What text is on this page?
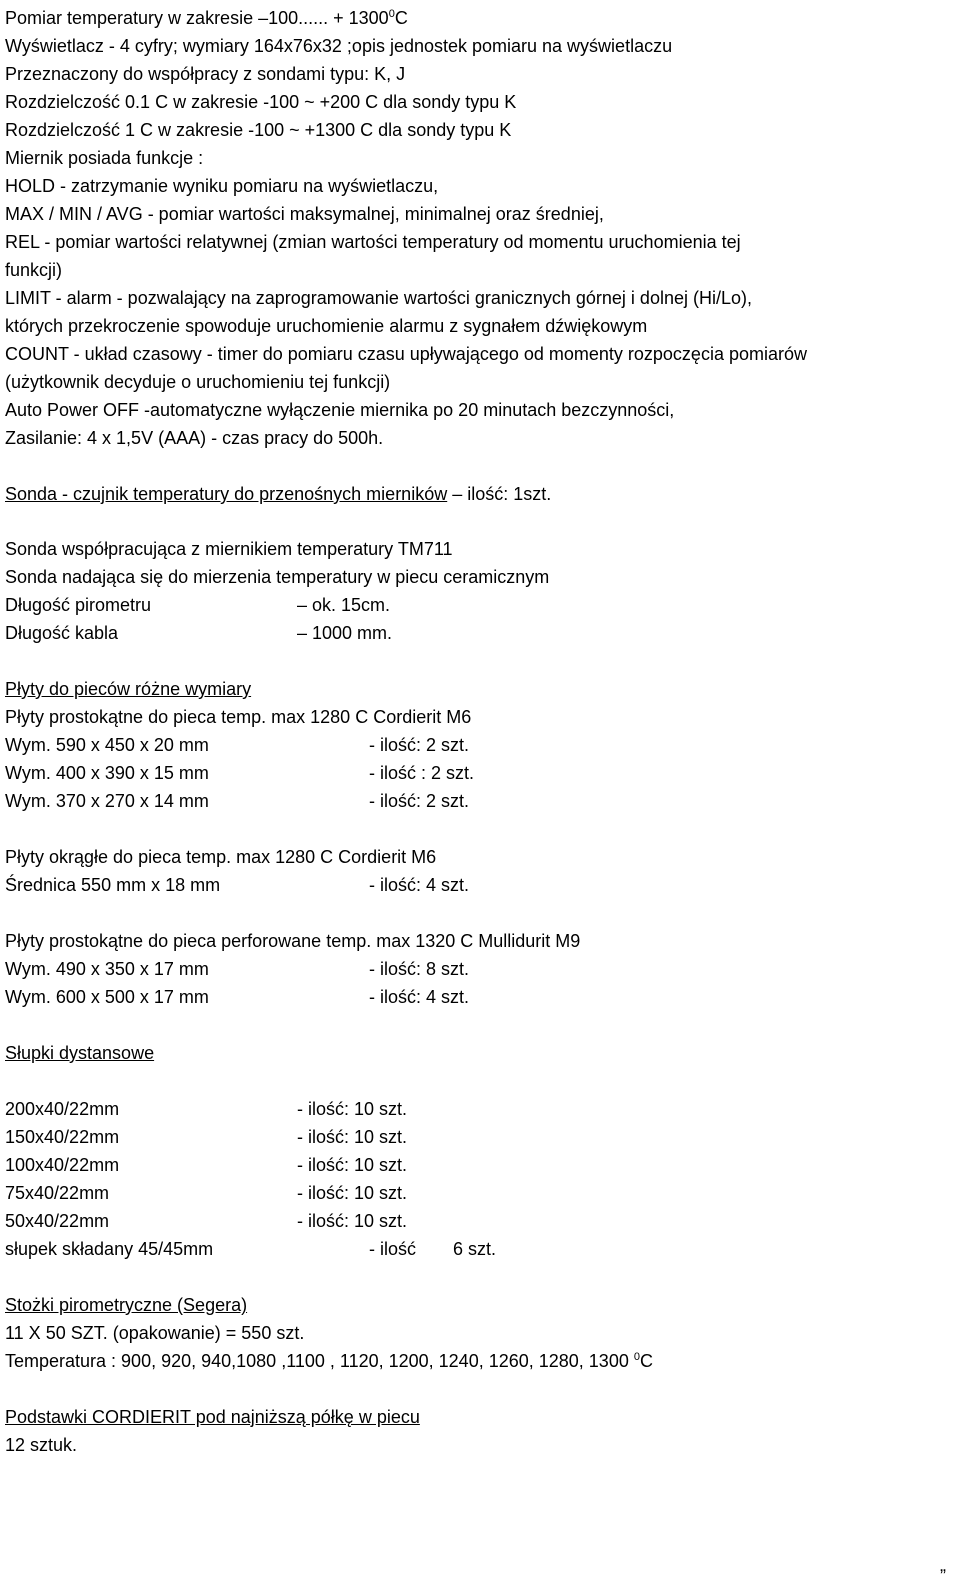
Pomiar temperatury w zakresie –100...... + $1300^0C$
Wyświetlacz - 4 cyfry; wymiary 164x76x32 ;opis jednostek pomiaru na wyświetlaczu
Przeznaczony do współpracy z sondami typu: K, J
Rozdzielczość 0.1 C w zakresie -100 ~ +200 C dla sondy typu K
Rozdzielczość 1 C w zakresie -100 ~ +1300 C dla sondy typu K
Miernik posiada funkcje :
HOLD - zatrzymanie wyniku pomiaru na wyświetlaczu,
MAX / MIN / AVG - pomiar wartości maksymalnej, minimalnej oraz średniej,
REL - pomiar wartości relatywnej (zmian wartości temperatury od momentu uruchomienia tej
funkcji)
LIMIT - alarm - pozwalający na zaprogramowanie wartości granicznych górnej i dolnej (Hi/Lo),
których przekroczenie spowoduje uruchomienie alarmu z sygnałem dźwiękowym
COUNT - układ czasowy - timer do pomiaru czasu upływającego od momenty rozpoczęcia pomiarów
(użytkownik decyduje o uruchomieniu tej funkcji)
Auto Power OFF -automatyczne wyłączenie miernika po 20 minutach bezczynności,
Zasilanie: 4 x 1,5V (AAA) - czas pracy do 500h.
Sonda - czujnik temperatury do przenośnych mierników – ilość: 1szt.
Sonda współpracująca z miernikiem temperatury TM711
Sonda nadająca się do mierzenia temperatury w piecu ceramicznym
Długość pirometru	– ok. 15cm.
Długość kabla	– 1000 mm.
Płyty do pieców różne wymiary
Płyty prostokątne do pieca temp. max 1280 C Cordierit M6
Wym. 590 x 450 x 20 mm	- ilość: 2 szt.
Wym. 400 x 390 x 15 mm	- ilość : 2 szt.
Wym. 370 x 270 x 14 mm	- ilość: 2 szt.
Płyty okrągłe do pieca temp. max 1280 C Cordierit M6
Średnica 550 mm x 18 mm	- ilość: 4 szt.
Płyty prostokątne do pieca perforowane temp. max 1320 C Mullidurit M9
Wym. 490 x 350 x 17 mm	- ilość: 8 szt.
Wym. 600 x 500 x 17 mm	- ilość: 4 szt.
Słupki dystansowe
200x40/22mm	- ilość: 10 szt.
150x40/22mm	- ilość: 10 szt.
100x40/22mm	- ilość: 10 szt.
75x40/22mm	- ilość: 10 szt.
50x40/22mm	- ilość: 10 szt.
słupek składany 45/45mm	- ilość 6 szt.
Stożki pirometryczne (Segera)
11 X 50 SZT. (opakowanie) = 550 szt.
Temperatura : 900, 920, 940,1080 ,1100 , 1120, 1200, 1240, 1260, 1280, 1300 $^0$C
Podstawki CORDIERIT pod najniższą półkę w piecu
12 sztuk.
„
